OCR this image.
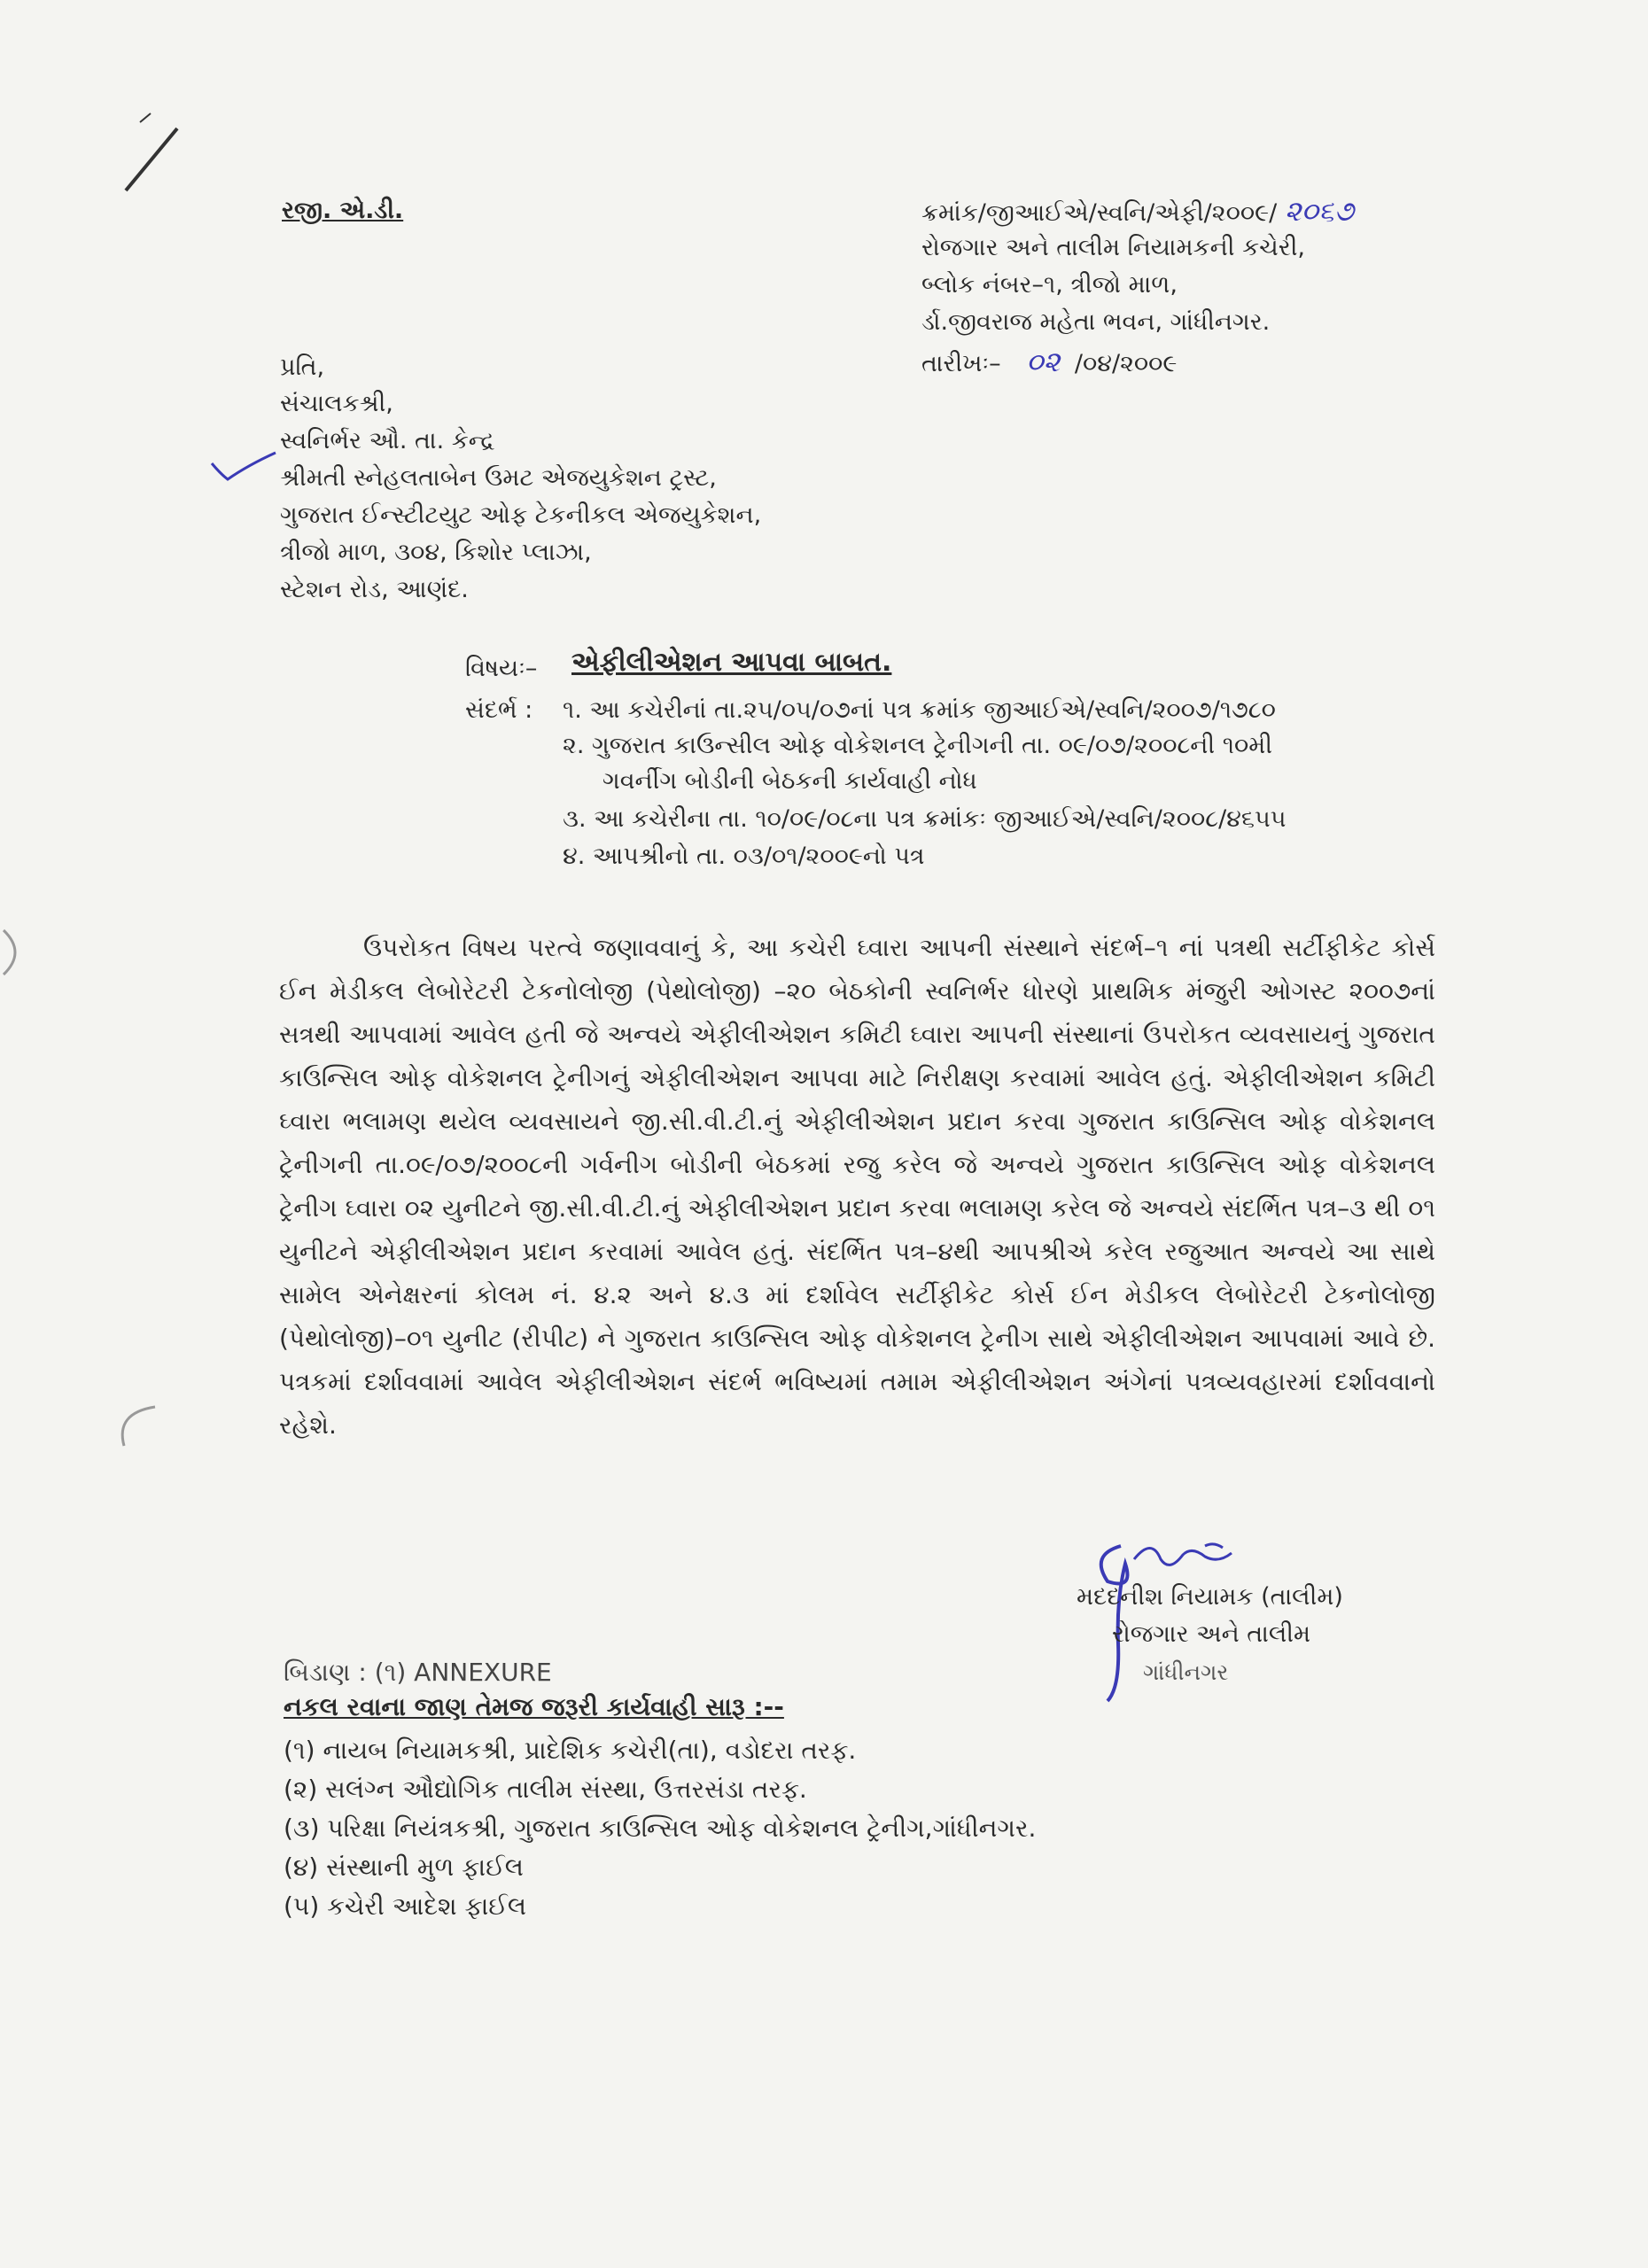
રજી. એ.ડી.	ક્રમાંક/જીઆઈએ/સ્વનિ/એફી/૨૦૦૯/ ૨૦૬૭
રોજગાર અને તાલીમ નિયામકની કચેરી,
બ્લોક નંબર–૧, ત્રીજો માળ,
ર્ડા.જીવરાજ મહેતા ભવન, ગાંધીનગર.
તારીખઃ– ૦૨ /૦૪/૨૦૦૯
પ્રતિ,
સંચાલકશ્રી,
સ્વનિર્ભર ઔ. તા. કેન્દ્ર
શ્રીમતી સ્નેહલતાબેન ઉમટ એજયુકેશન ટ્રસ્ટ,
ગુજરાત ઈન્સ્ટીટયુટ ઓફ ટેકનીકલ એજયુકેશન,
ત્રીજો માળ, ૩૦૪, કિશોર પ્લાઝા,
સ્ટેશન રોડ, આણંદ.
વિષયઃ– એફીલીએશન આપવા બાબત.
સંદર્ભ : ૧. આ કચેરીનાં તા.૨૫/૦૫/૦૭નાં પત્ર ક્રમાંક જીઆઈએ/સ્વનિ/૨૦૦૭/૧૭૮૦
૨. ગુજરાત કાઉન્સીલ ઓફ વોકેશનલ ટ્રેનીગની તા. ૦૯/૦૭/૨૦૦૮ની ૧૦મી
ગવર્નીગ બોડીની બેઠકની કાર્યવાહી નોધ
૩. આ કચેરીના તા. ૧૦/૦૯/૦૮ના પત્ર ક્રમાંકઃ જીઆઈએ/સ્વનિ/૨૦૦૮/૪૬૫૫
૪. આપશ્રીનો તા. ૦૩/૦૧/૨૦૦૯નો પત્ર
ઉપરોકત વિષય પરત્વે જણાવવાનું કે, આ કચેરી ઘ્વારા આપની સંસ્થાને સંદર્ભ–૧ નાં પત્રથી સર્ટીફીકેટ કોર્સ ઈન મેડીકલ લેબોરેટરી ટેકનોલોજી (પેથોલોજી) –૨૦ બેઠકોની સ્વનિર્ભર ધોરણે પ્રાથમિક મંજુરી ઓગસ્ટ ૨૦૦૭નાં સત્રથી આપવામાં આવેલ હતી જે અન્વયે એફીલીએશન કમિટી ઘ્વારા આપની સંસ્થાનાં ઉપરોકત વ્યવસાયનું ગુજરાત કાઉન્સિલ ઓફ વોકેશનલ ટ્રેનીગનું એફીલીએશન આપવા માટે નિરીક્ષણ કરવામાં આવેલ હતું. એફીલીએશન કમિટી ઘ્વારા ભલામણ થયેલ વ્યવસાયને જી.સી.વી.ટી.નું એફીલીએશન પ્રદાન કરવા ગુજરાત કાઉન્સિલ ઓફ વોકેશનલ ટ્રેનીગની તા.૦૯/૦૭/૨૦૦૮ની ગર્વનીગ બોડીની બેઠકમાં રજુ કરેલ જે અન્વયે ગુજરાત કાઉન્સિલ ઓફ વોકેશનલ ટ્રેનીગ ઘ્વારા ૦૨ યુનીટને જી.સી.વી.ટી.નું એફીલીએશન પ્રદાન કરવા ભલામણ કરેલ જે અન્વયે સંદર્ભિત પત્ર–૩ થી ૦૧ યુનીટને એફીલીએશન પ્રદાન કરવામાં આવેલ હતું. સંદર્ભિત પત્ર–૪થી આપશ્રીએ કરેલ રજુઆત અન્વયે આ સાથે સામેલ એનેક્ષરનાં કોલમ નં. ૪.૨ અને ૪.૩ માં દર્શાવેલ સર્ટીફીકેટ કોર્સ ઈન મેડીકલ લેબોરેટરી ટેકનોલોજી (પેથોલોજી)–૦૧ યુનીટ (રીપીટ) ને ગુજરાત કાઉન્સિલ ઓફ વોકેશનલ ટ્રેનીગ સાથે એફીલીએશન આપવામાં આવે છે. પત્રકમાં દર્શાવવામાં આવેલ એફીલીએશન સંદર્ભ ભવિષ્યમાં તમામ એફીલીએશન અંગેનાં પત્રવ્યવહારમાં દર્શાવવાનો રહેશે.
મદદનીશ નિયામક (તાલીમ)
રોજગાર અને તાલીમ
ગાંધીનગર
બિડાણ : (૧) ANNEXURE
નકલ રવાના જાણ તેમજ જરૂરી કાર્યવાહી સારૂ :--
(૧) નાયબ નિયામકશ્રી, પ્રાદેશિક કચેરી(તા), વડોદરા તરફ.
(૨) સલંગ્ન ઔદ્યોગિક તાલીમ સંસ્થા, ઉત્તરસંડા તરફ.
(૩) પરિક્ષા નિયંત્રકશ્રી, ગુજરાત કાઉન્સિલ ઓફ વોકેશનલ ટ્રેનીગ,ગાંધીનગર.
(૪) સંસ્થાની મુળ ફાઈલ
(૫) કચેરી આદેશ ફાઈલ
